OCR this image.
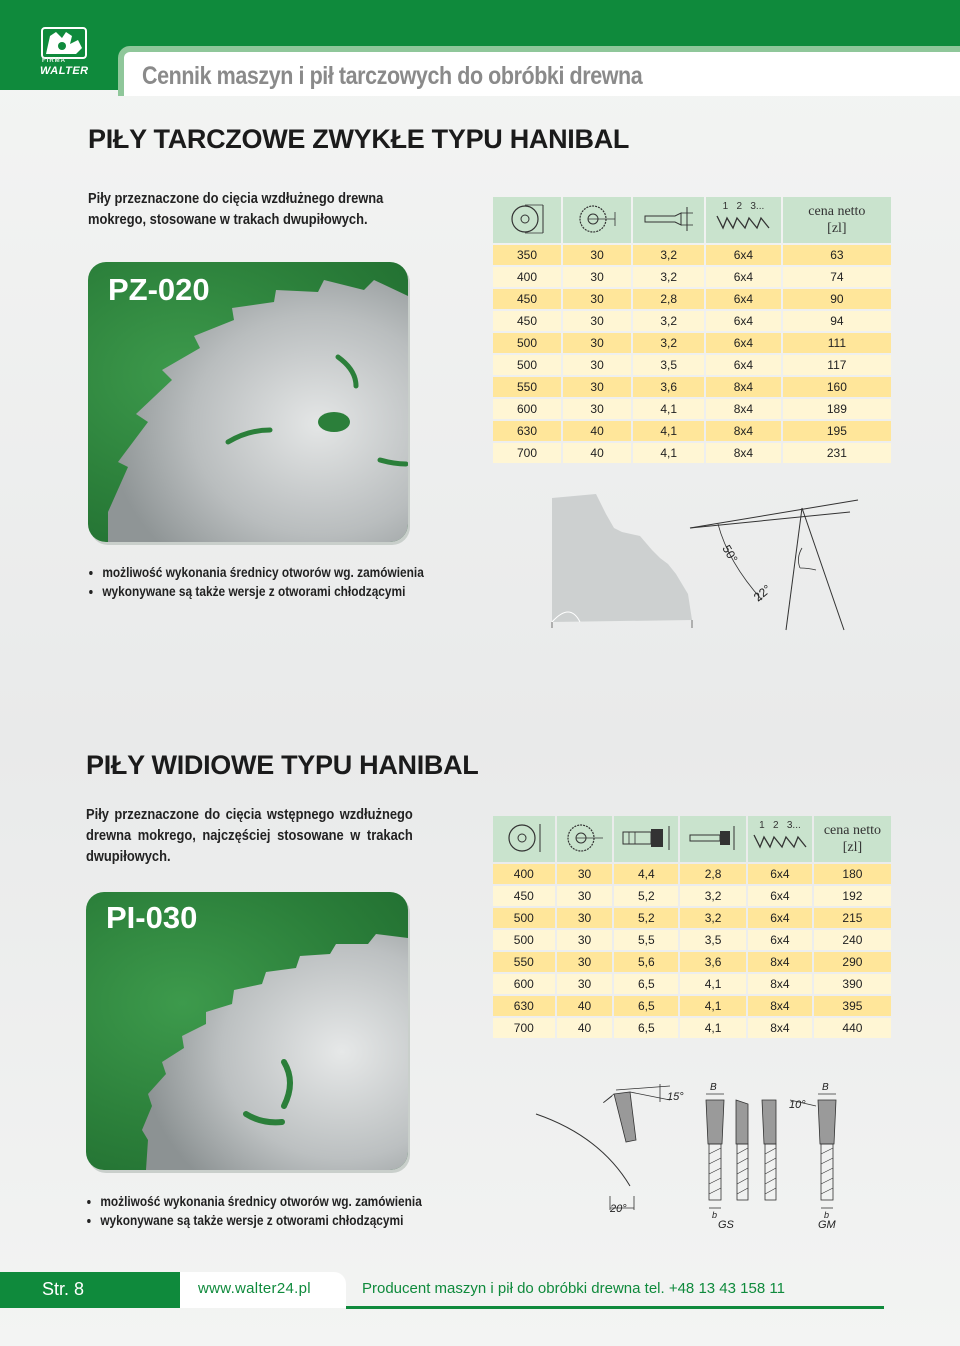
Cennik maszyn i pił tarczowych do obróbki drewna
FIRMA
WALTER
PIŁY TARCZOWE ZWYKŁE TYPU HANIBAL
Piły przeznaczone do cięcia wzdłużnego drewna mokrego, stosowane w trakach dwupiłowych.
PZ-020

1   2   3...	cena netto
[zl]

350	30	3,2	6x4	63
400	30	3,2	6x4	74
450	30	2,8	6x4	90
450	30	3,2	6x4	94
500	30	3,2	6x4	111
500	30	3,5	6x4	117
550	30	3,6	8x4	160
600	30	4,1	8x4	189
630	40	4,1	8x4	195
700	40	4,1	8x4	231
• możliwość wykonania średnicy otworów wg. zamówienia
• wykonywane są także wersje z otworami chłodzącymi
50°
22°
PIŁY WIDIOWE TYPU HANIBAL
Piły przeznaczone do cięcia wstępnego wzdłużnego drewna mokrego, najczęściej stosowane w trakach dwupiłowych.
PI-030

1   2   3...	cena netto
[zl]

400	30	4,4	2,8	6x4	180
450	30	5,2	3,2	6x4	192
500	30	5,2	3,2	6x4	215
500	30	5,5	3,5	6x4	240
550	30	5,6	3,6	8x4	290
600	30	6,5	4,1	8x4	390
630	40	6,5	4,1	8x4	395
700	40	6,5	4,1	8x4	440
• możliwość wykonania średnicy otworów wg. zamówienia
• wykonywane są także wersje z otworami chłodzącymi
15°
20°
B
b
GS
10°
B
b
GM
Str. 8	www.walter24.pl	Producent maszyn i pił do obróbki drewna tel. +48 13 43 158 11
